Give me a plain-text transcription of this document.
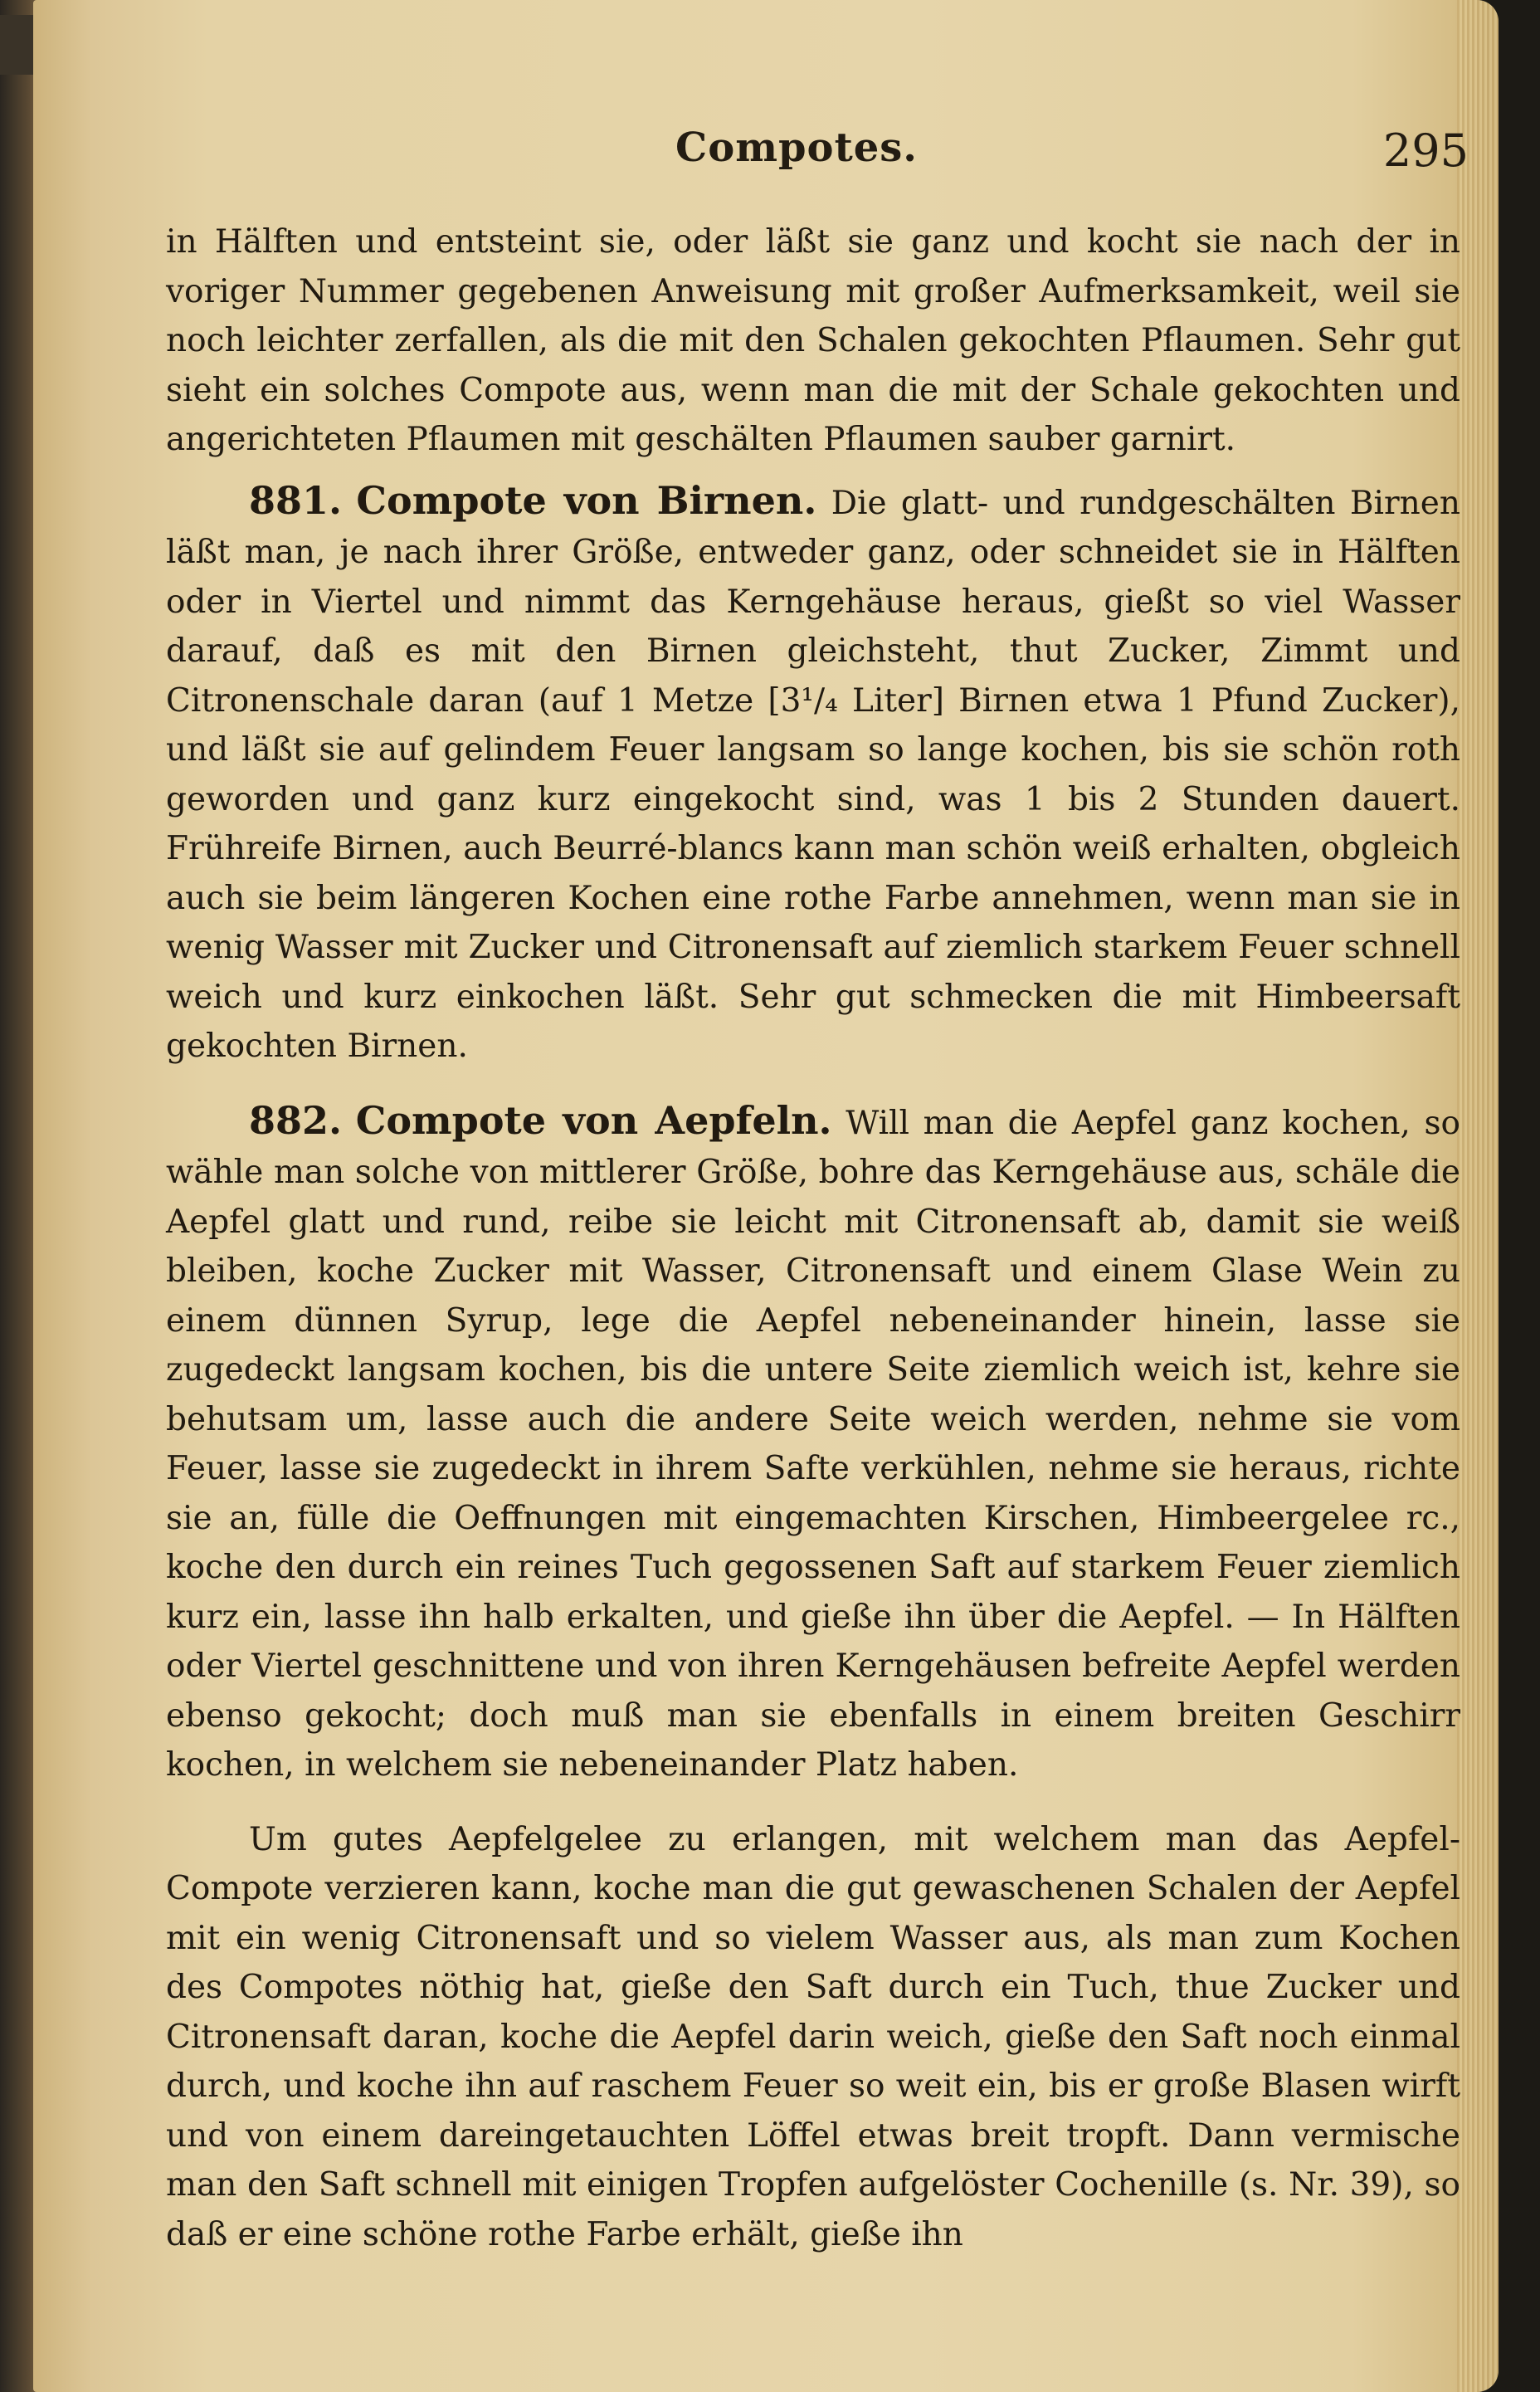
Compotes.	295

in Hälften und entsteint sie, oder läßt sie ganz und kocht sie nach der in voriger Nummer gegebenen Anweisung mit großer Aufmerksamkeit, weil sie noch leichter zerfallen, als die mit den Schalen gekochten Pflaumen. Sehr gut sieht ein solches Compote aus, wenn man die mit der Schale gekochten und angerichteten Pflaumen mit geschälten Pflaumen sauber garnirt.

881. Compote von Birnen. Die glatt- und rundgeschälten Birnen läßt man, je nach ihrer Größe, entweder ganz, oder schneidet sie in Hälften oder in Viertel und nimmt das Kerngehäuse heraus, gießt so viel Wasser darauf, daß es mit den Birnen gleichsteht, thut Zucker, Zimmt und Citronenschale daran (auf 1 Metze [3¹/₄ Liter] Birnen etwa 1 Pfund Zucker), und läßt sie auf gelindem Feuer langsam so lange kochen, bis sie schön roth geworden und ganz kurz eingekocht sind, was 1 bis 2 Stunden dauert. Frühreife Birnen, auch Beurré-blancs kann man schön weiß erhalten, obgleich auch sie beim längeren Kochen eine rothe Farbe annehmen, wenn man sie in wenig Wasser mit Zucker und Citronensaft auf ziemlich starkem Feuer schnell weich und kurz einkochen läßt. Sehr gut schmecken die mit Himbeersaft gekochten Birnen.

882. Compote von Aepfeln. Will man die Aepfel ganz kochen, so wähle man solche von mittlerer Größe, bohre das Kerngehäuse aus, schäle die Aepfel glatt und rund, reibe sie leicht mit Citronensaft ab, damit sie weiß bleiben, koche Zucker mit Wasser, Citronensaft und einem Glase Wein zu einem dünnen Syrup, lege die Aepfel nebeneinander hinein, lasse sie zugedeckt langsam kochen, bis die untere Seite ziemlich weich ist, kehre sie behutsam um, lasse auch die andere Seite weich werden, nehme sie vom Feuer, lasse sie zugedeckt in ihrem Safte verkühlen, nehme sie heraus, richte sie an, fülle die Oeffnungen mit eingemachten Kirschen, Himbeergelee rc., koche den durch ein reines Tuch gegossenen Saft auf starkem Feuer ziemlich kurz ein, lasse ihn halb erkalten, und gieße ihn über die Aepfel. — In Hälften oder Viertel geschnittene und von ihren Kerngehäusen befreite Aepfel werden ebenso gekocht; doch muß man sie ebenfalls in einem breiten Geschirr kochen, in welchem sie nebeneinander Platz haben.

Um gutes Aepfelgelee zu erlangen, mit welchem man das Aepfel-Compote verzieren kann, koche man die gut gewaschenen Schalen der Aepfel mit ein wenig Citronensaft und so vielem Wasser aus, als man zum Kochen des Compotes nöthig hat, gieße den Saft durch ein Tuch, thue Zucker und Citronensaft daran, koche die Aepfel darin weich, gieße den Saft noch einmal durch, und koche ihn auf raschem Feuer so weit ein, bis er große Blasen wirft und von einem dareingetauchten Löffel etwas breit tropft. Dann vermische man den Saft schnell mit einigen Tropfen aufgelöster Cochenille (s. Nr. 39), so daß er eine schöne rothe Farbe erhält, gieße ihn
